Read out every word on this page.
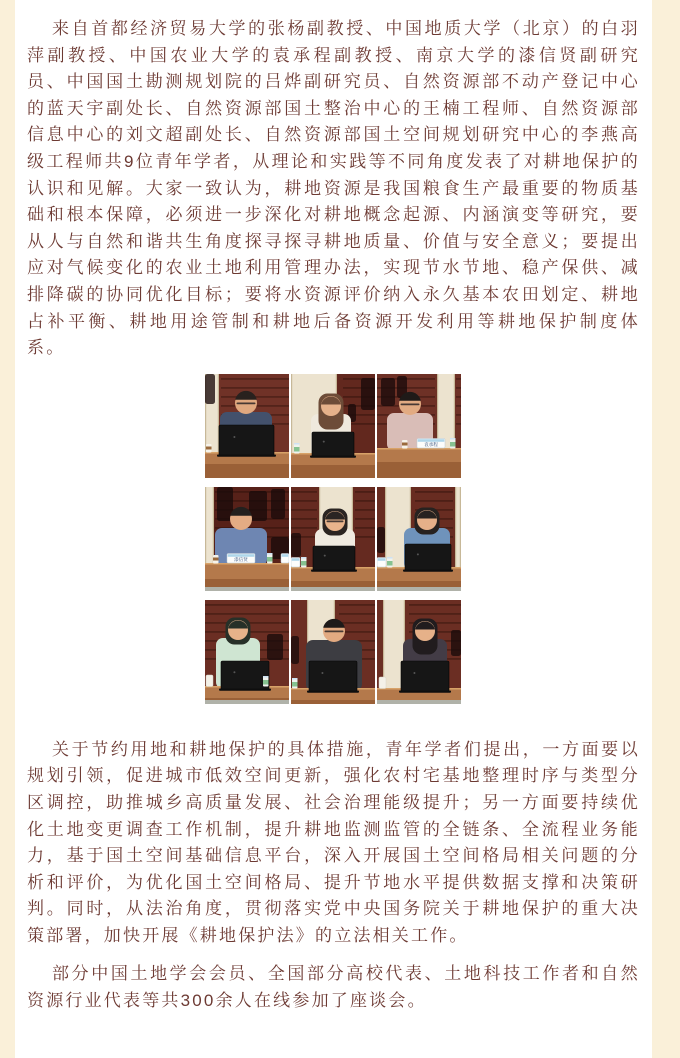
来自首都经济贸易大学的张杨副教授、中国地质大学（北京）的白羽萍副教授、中国农业大学的袁承程副教授、南京大学的漆信贤副研究员、中国国土勘测规划院的吕烨副研究员、自然资源部不动产登记中心的蓝天宇副处长、自然资源部国土整治中心的王楠工程师、自然资源部信息中心的刘文超副处长、自然资源部国土空间规划研究中心的李燕高级工程师共9位青年学者，从理论和实践等不同角度发表了对耕地保护的认识和见解。大家一致认为，耕地资源是我国粮食生产最重要的物质基础和根本保障，必须进一步深化对耕地概念起源、内涵演变等研究，要从人与自然和谐共生角度探寻探寻耕地质量、价值与安全意义；要提出应对气候变化的农业土地利用管理办法，实现节水节地、稳产保供、减排降碳的协同优化目标；要将水资源评价纳入永久基本农田划定、耕地占补平衡、耕地用途管制和耕地后备资源开发利用等耕地保护制度体系。

袁承程
漆信贤

关于节约用地和耕地保护的具体措施，青年学者们提出，一方面要以规划引领，促进城市低效空间更新，强化农村宅基地整理时序与类型分区调控，助推城乡高质量发展、社会治理能级提升；另一方面要持续优化土地变更调查工作机制，提升耕地监测监管的全链条、全流程业务能力，基于国土空间基础信息平台，深入开展国土空间格局相关问题的分析和评价，为优化国土空间格局、提升节地水平提供数据支撑和决策研判。同时，从法治角度，贯彻落实党中央国务院关于耕地保护的重大决策部署，加快开展《耕地保护法》的立法相关工作。

部分中国土地学会会员、全国部分高校代表、土地科技工作者和自然资源行业代表等共300余人在线参加了座谈会。
